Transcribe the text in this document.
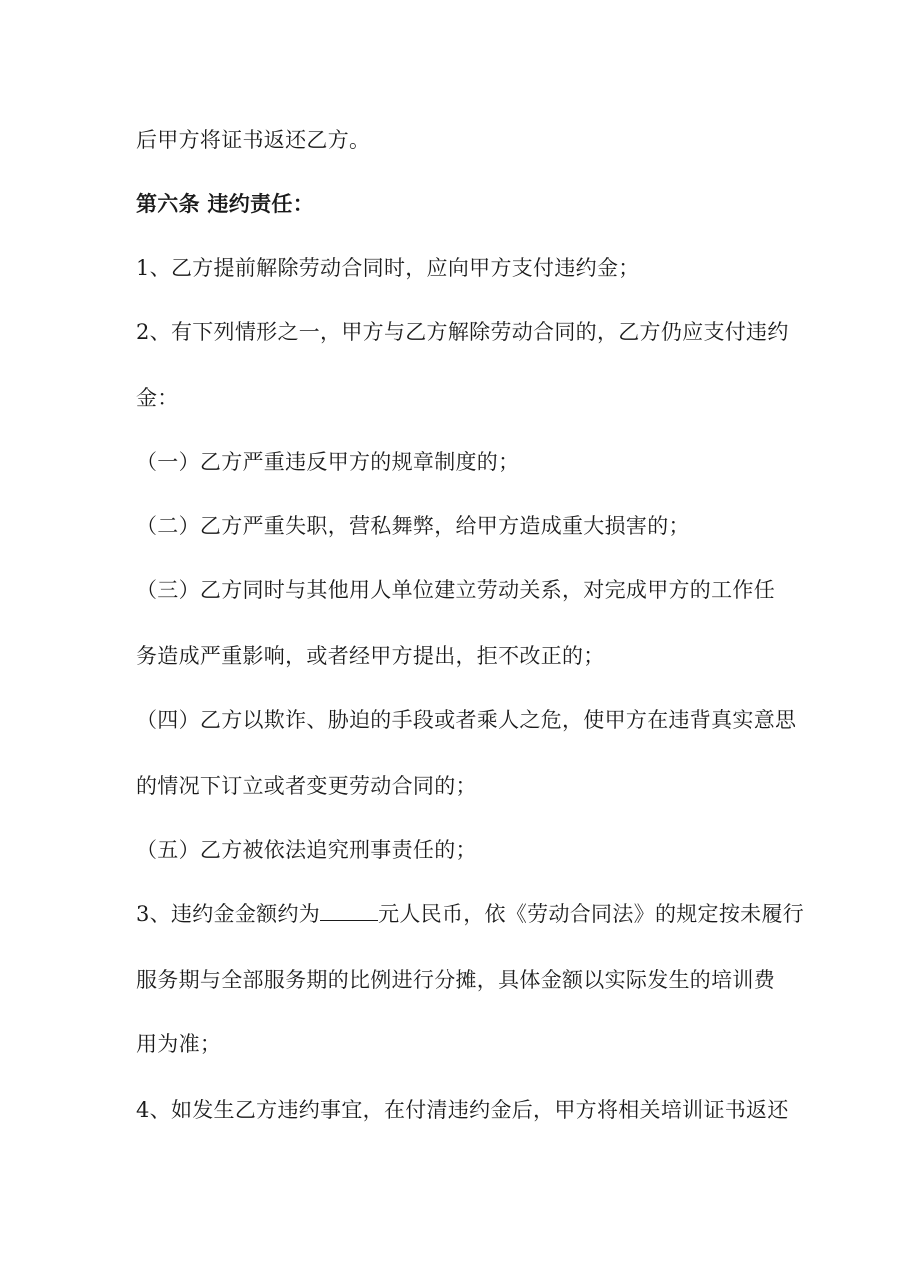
后甲方将证书返还乙方。
第六条 违约责任：
1、乙方提前解除劳动合同时，应向甲方支付违约金；
2、有下列情形之一，甲方与乙方解除劳动合同的，乙方仍应支付违约
金：
（一）乙方严重违反甲方的规章制度的；
（二）乙方严重失职，营私舞弊，给甲方造成重大损害的；
（三）乙方同时与其他用人单位建立劳动关系，对完成甲方的工作任
务造成严重影响，或者经甲方提出，拒不改正的；
（四）乙方以欺诈、胁迫的手段或者乘人之危，使甲方在违背真实意思
的情况下订立或者变更劳动合同的；
（五）乙方被依法追究刑事责任的；
3、违约金金额约为	元人民币，依《劳动合同法》的规定按未履行
服务期与全部服务期的比例进行分摊，具体金额以实际发生的培训费
用为准；
4、如发生乙方违约事宜，在付清违约金后，甲方将相关培训证书返还
